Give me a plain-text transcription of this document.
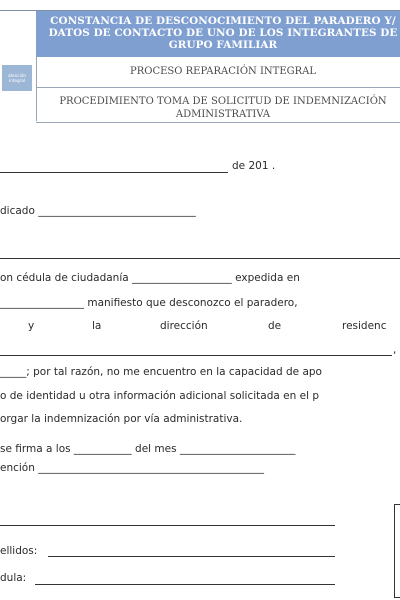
atención
integral
CONSTANCIA DE DESCONOCIMIENTO DEL PARADERO Y/ DATOS DE CONTACTO DE UNO DE LOS INTEGRANTES DE GRUPO FAMILIAR
PROCESO REPARACIÓN INTEGRAL
PROCEDIMIENTO TOMA DE SOLICITUD DE INDEMNIZACIÓN ADMINISTRATIVA
de 201 .
dicado ______________________________
on cédula de ciudadanía ___________________ expedida en
________________ manifiesto que desconozco el paradero,
y	la	dirección	de	residenc
,
_____; por tal razón, no me encuentro en la capacidad de apo
o de identidad u otra información adicional solicitada en el p
orgar la indemnización por vía administrativa.
se firma a los ___________ del mes ______________________
ención ___________________________________________
ellidos:
dula:
